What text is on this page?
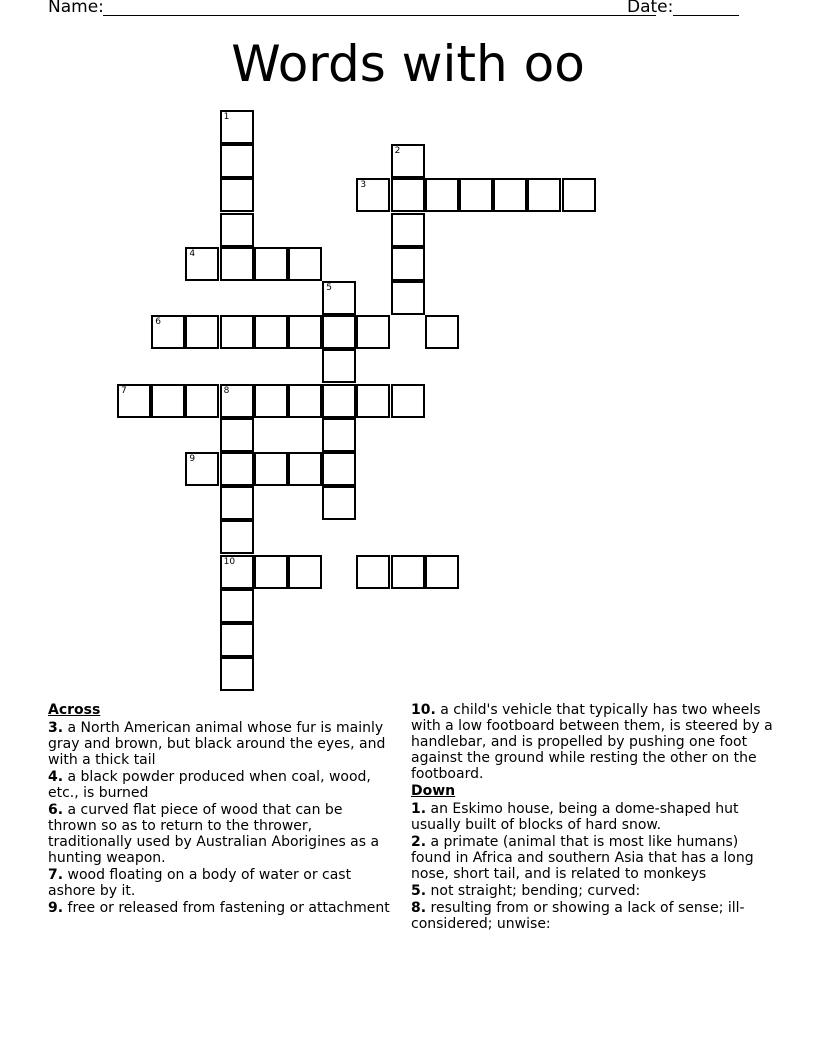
Name:	Date:
Words with oo
1
2
3
4
5
6
7	8
9
10
Across
3. a North American animal whose fur is mainly gray and brown, but black around the eyes, and with a thick tail
4. a black powder produced when coal, wood, etc., is burned
6. a curved flat piece of wood that can be thrown so as to return to the thrower, traditionally used by Australian Aborigines as a hunting weapon.
7. wood floating on a body of water or cast ashore by it.
9. free or released from fastening or attachment
10. a child's vehicle that typically has two wheels with a low footboard between them, is steered by a handlebar, and is propelled by pushing one foot against the ground while resting the other on the footboard.
Down
1. an Eskimo house, being a dome-shaped hut usually built of blocks of hard snow.
2. a primate (animal that is most like humans) found in Africa and southern Asia that has a long nose, short tail, and is related to monkeys
5. not straight; bending; curved:
8. resulting from or showing a lack of sense; ill-considered; unwise:
